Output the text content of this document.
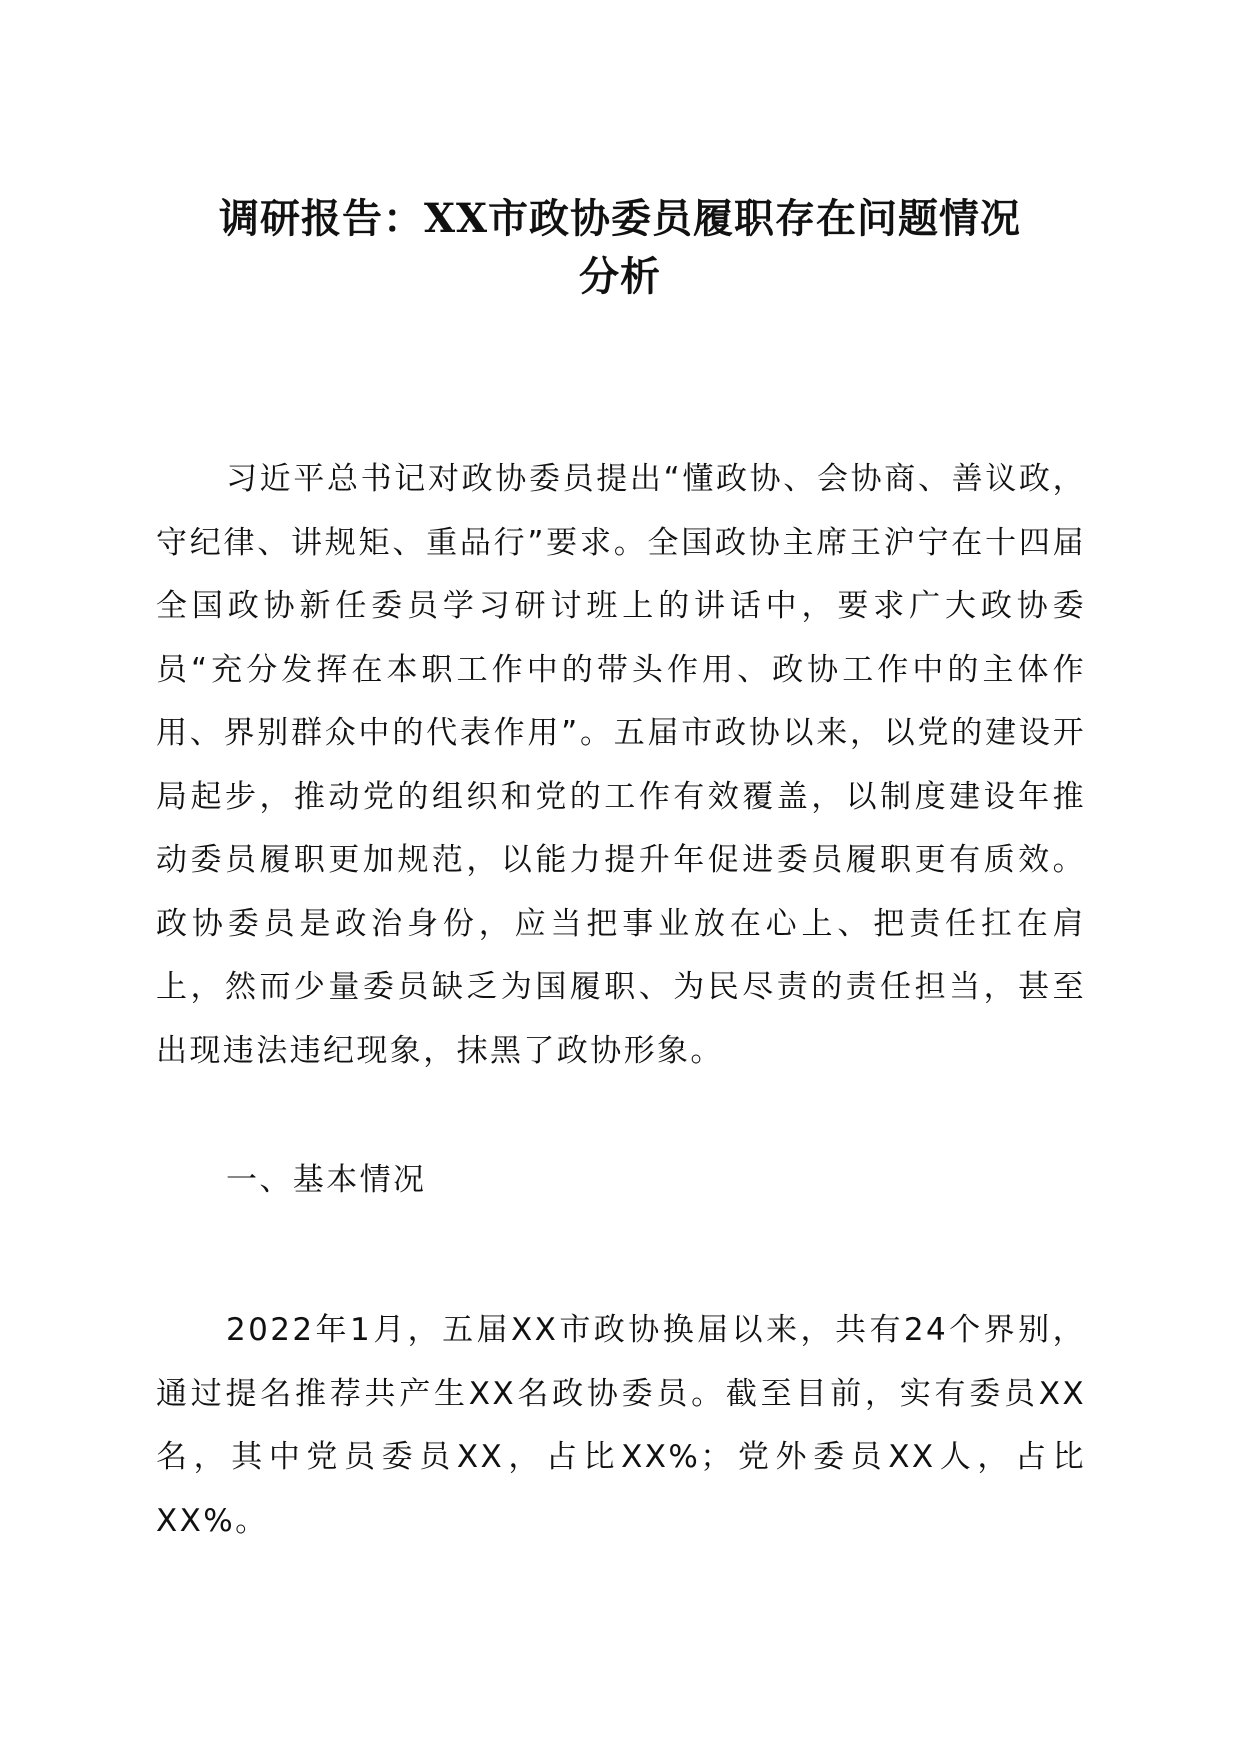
调研报告：XX市政协委员履职存在问题情况
分析

习近平总书记对政协委员提出“懂政协、会协商、善议政，守纪律、讲规矩、重品行”要求。全国政协主席王沪宁在十四届全国政协新任委员学习研讨班上的讲话中，要求广大政协委员“充分发挥在本职工作中的带头作用、政协工作中的主体作用、界别群众中的代表作用”。五届市政协以来，以党的建设开局起步，推动党的组织和党的工作有效覆盖，以制度建设年推动委员履职更加规范，以能力提升年促进委员履职更有质效。政协委员是政治身份，应当把事业放在心上、把责任扛在肩上，然而少量委员缺乏为国履职、为民尽责的责任担当，甚至出现违法违纪现象，抹黑了政协形象。

一、基本情况

2022年1月，五届XX市政协换届以来，共有24个界别，通过提名推荐共产生XX名政协委员。截至目前，实有委员XX名，其中党员委员XX，占比XX%；党外委员XX人，占比XX%。
